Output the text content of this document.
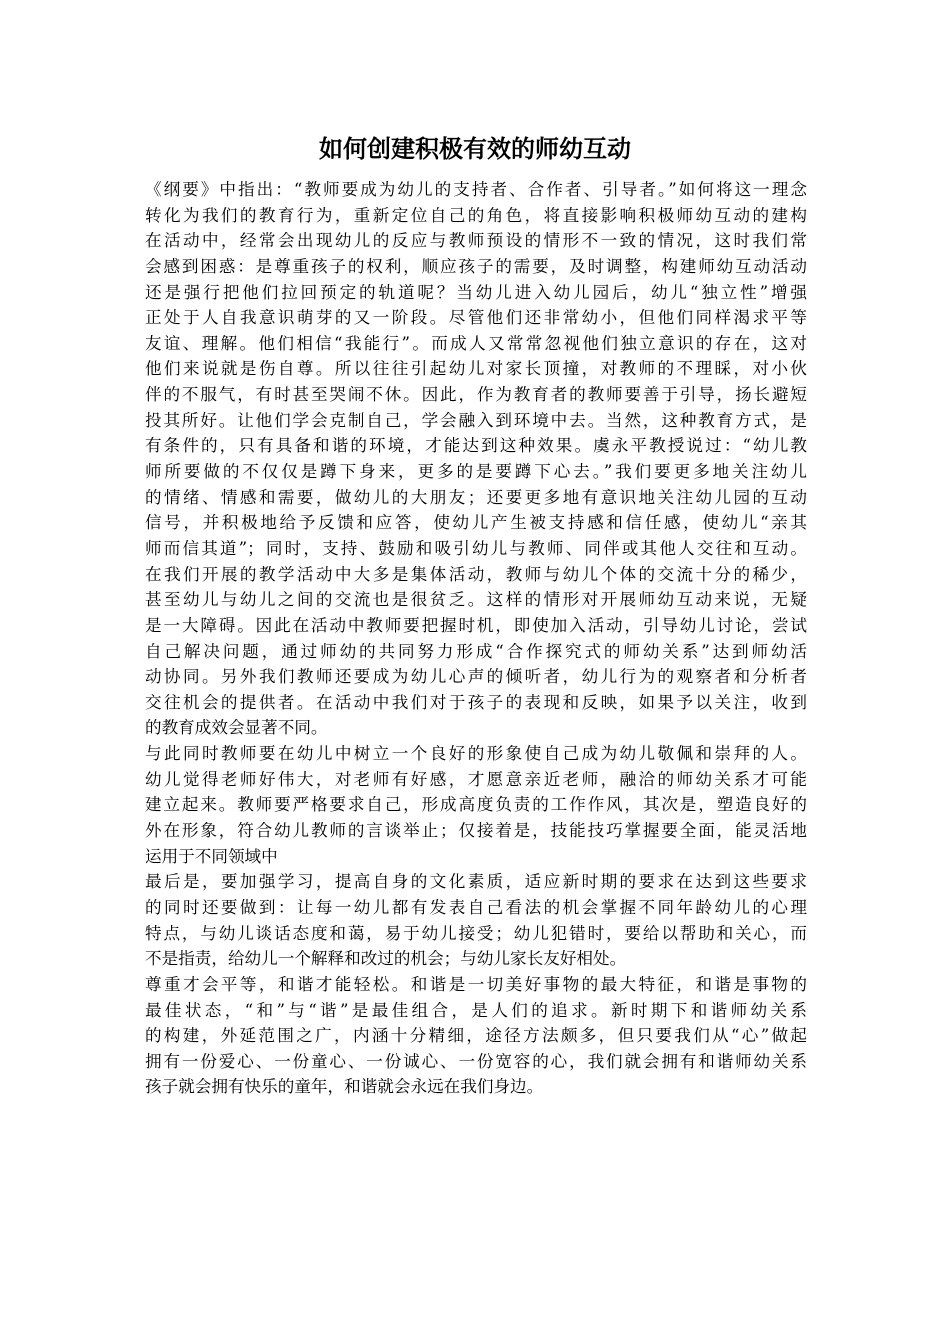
如何创建积极有效的师幼互动
《纲要》中指出：“教师要成为幼儿的支持者、合作者、引导者。”如何将这一理念
转化为我们的教育行为，重新定位自己的角色，将直接影响积极师幼互动的建构
在活动中，经常会出现幼儿的反应与教师预设的情形不一致的情况，这时我们常
会感到困惑：是尊重孩子的权利，顺应孩子的需要，及时调整，构建师幼互动活动
还是强行把他们拉回预定的轨道呢？当幼儿进入幼儿园后，幼儿“独立性”增强
正处于人自我意识萌芽的又一阶段。尽管他们还非常幼小，但他们同样渴求平等
友谊、理解。他们相信“我能行”。而成人又常常忽视他们独立意识的存在，这对
他们来说就是伤自尊。所以往往引起幼儿对家长顶撞，对教师的不理睬，对小伙
伴的不服气，有时甚至哭闹不休。因此，作为教育者的教师要善于引导，扬长避短
投其所好。让他们学会克制自己，学会融入到环境中去。当然，这种教育方式，是
有条件的，只有具备和谐的环境，才能达到这种效果。虞永平教授说过：“幼儿教
师所要做的不仅仅是蹲下身来，更多的是要蹲下心去。”我们要更多地关注幼儿
的情绪、情感和需要，做幼儿的大朋友；还要更多地有意识地关注幼儿园的互动
信号，并积极地给予反馈和应答，使幼儿产生被支持感和信任感，使幼儿“亲其
师而信其道”；同时，支持、鼓励和吸引幼儿与教师、同伴或其他人交往和互动。
在我们开展的教学活动中大多是集体活动，教师与幼儿个体的交流十分的稀少，
甚至幼儿与幼儿之间的交流也是很贫乏。这样的情形对开展师幼互动来说，无疑
是一大障碍。因此在活动中教师要把握时机，即使加入活动，引导幼儿讨论，尝试
自己解决问题，通过师幼的共同努力形成“合作探究式的师幼关系”达到师幼活
动协同。另外我们教师还要成为幼儿心声的倾听者，幼儿行为的观察者和分析者
交往机会的提供者。在活动中我们对于孩子的表现和反映，如果予以关注，收到
的教育成效会显著不同。
与此同时教师要在幼儿中树立一个良好的形象使自己成为幼儿敬佩和崇拜的人。
幼儿觉得老师好伟大，对老师有好感，才愿意亲近老师，融洽的师幼关系才可能
建立起来。教师要严格要求自己，形成高度负责的工作作风，其次是，塑造良好的
外在形象，符合幼儿教师的言谈举止；仅接着是，技能技巧掌握要全面，能灵活地
运用于不同领域中
最后是，要加强学习，提高自身的文化素质，适应新时期的要求在达到这些要求
的同时还要做到：让每一幼儿都有发表自己看法的机会掌握不同年龄幼儿的心理
特点，与幼儿谈话态度和蔼，易于幼儿接受；幼儿犯错时，要给以帮助和关心，而
不是指责，给幼儿一个解释和改过的机会；与幼儿家长友好相处。
尊重才会平等，和谐才能轻松。和谐是一切美好事物的最大特征，和谐是事物的
最佳状态，“和”与“谐”是最佳组合，是人们的追求。新时期下和谐师幼关系
的构建，外延范围之广，内涵十分精细，途径方法颇多，但只要我们从“心”做起
拥有一份爱心、一份童心、一份诚心、一份宽容的心，我们就会拥有和谐师幼关系
孩子就会拥有快乐的童年，和谐就会永远在我们身边。
